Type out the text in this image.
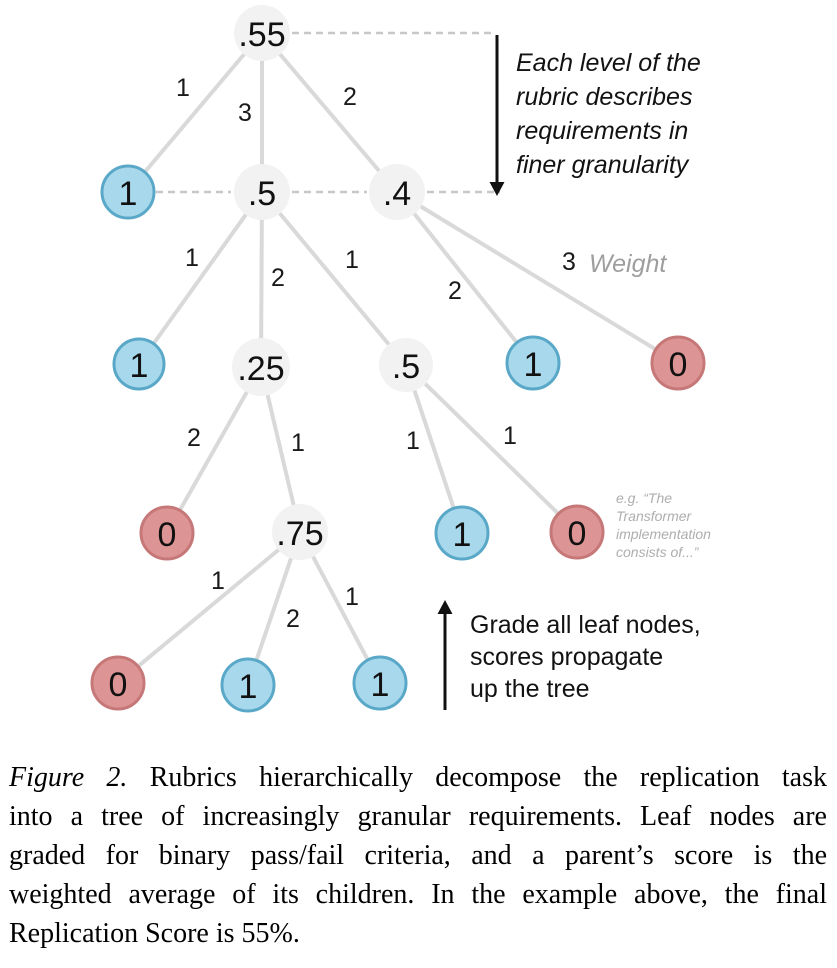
1
3
2
1
2
1
2
3
2	1	1	1
1
2
1
.55
1	.5	.4
1	.25	.5	1	0
0	.75	1	0
0	1	1
Each level of the
rubric describes
requirements in
finer granularity
Weight
e.g. “The
Transformer
implementation
consists of...”
Grade all leaf nodes,
scores propagate
up the tree
Figure 2. Rubrics hierarchically decompose the replication task
into a tree of increasingly granular requirements. Leaf nodes are
graded for binary pass/fail criteria, and a parent’s score is the
weighted average of its children. In the example above, the final
Replication Score is 55%.
